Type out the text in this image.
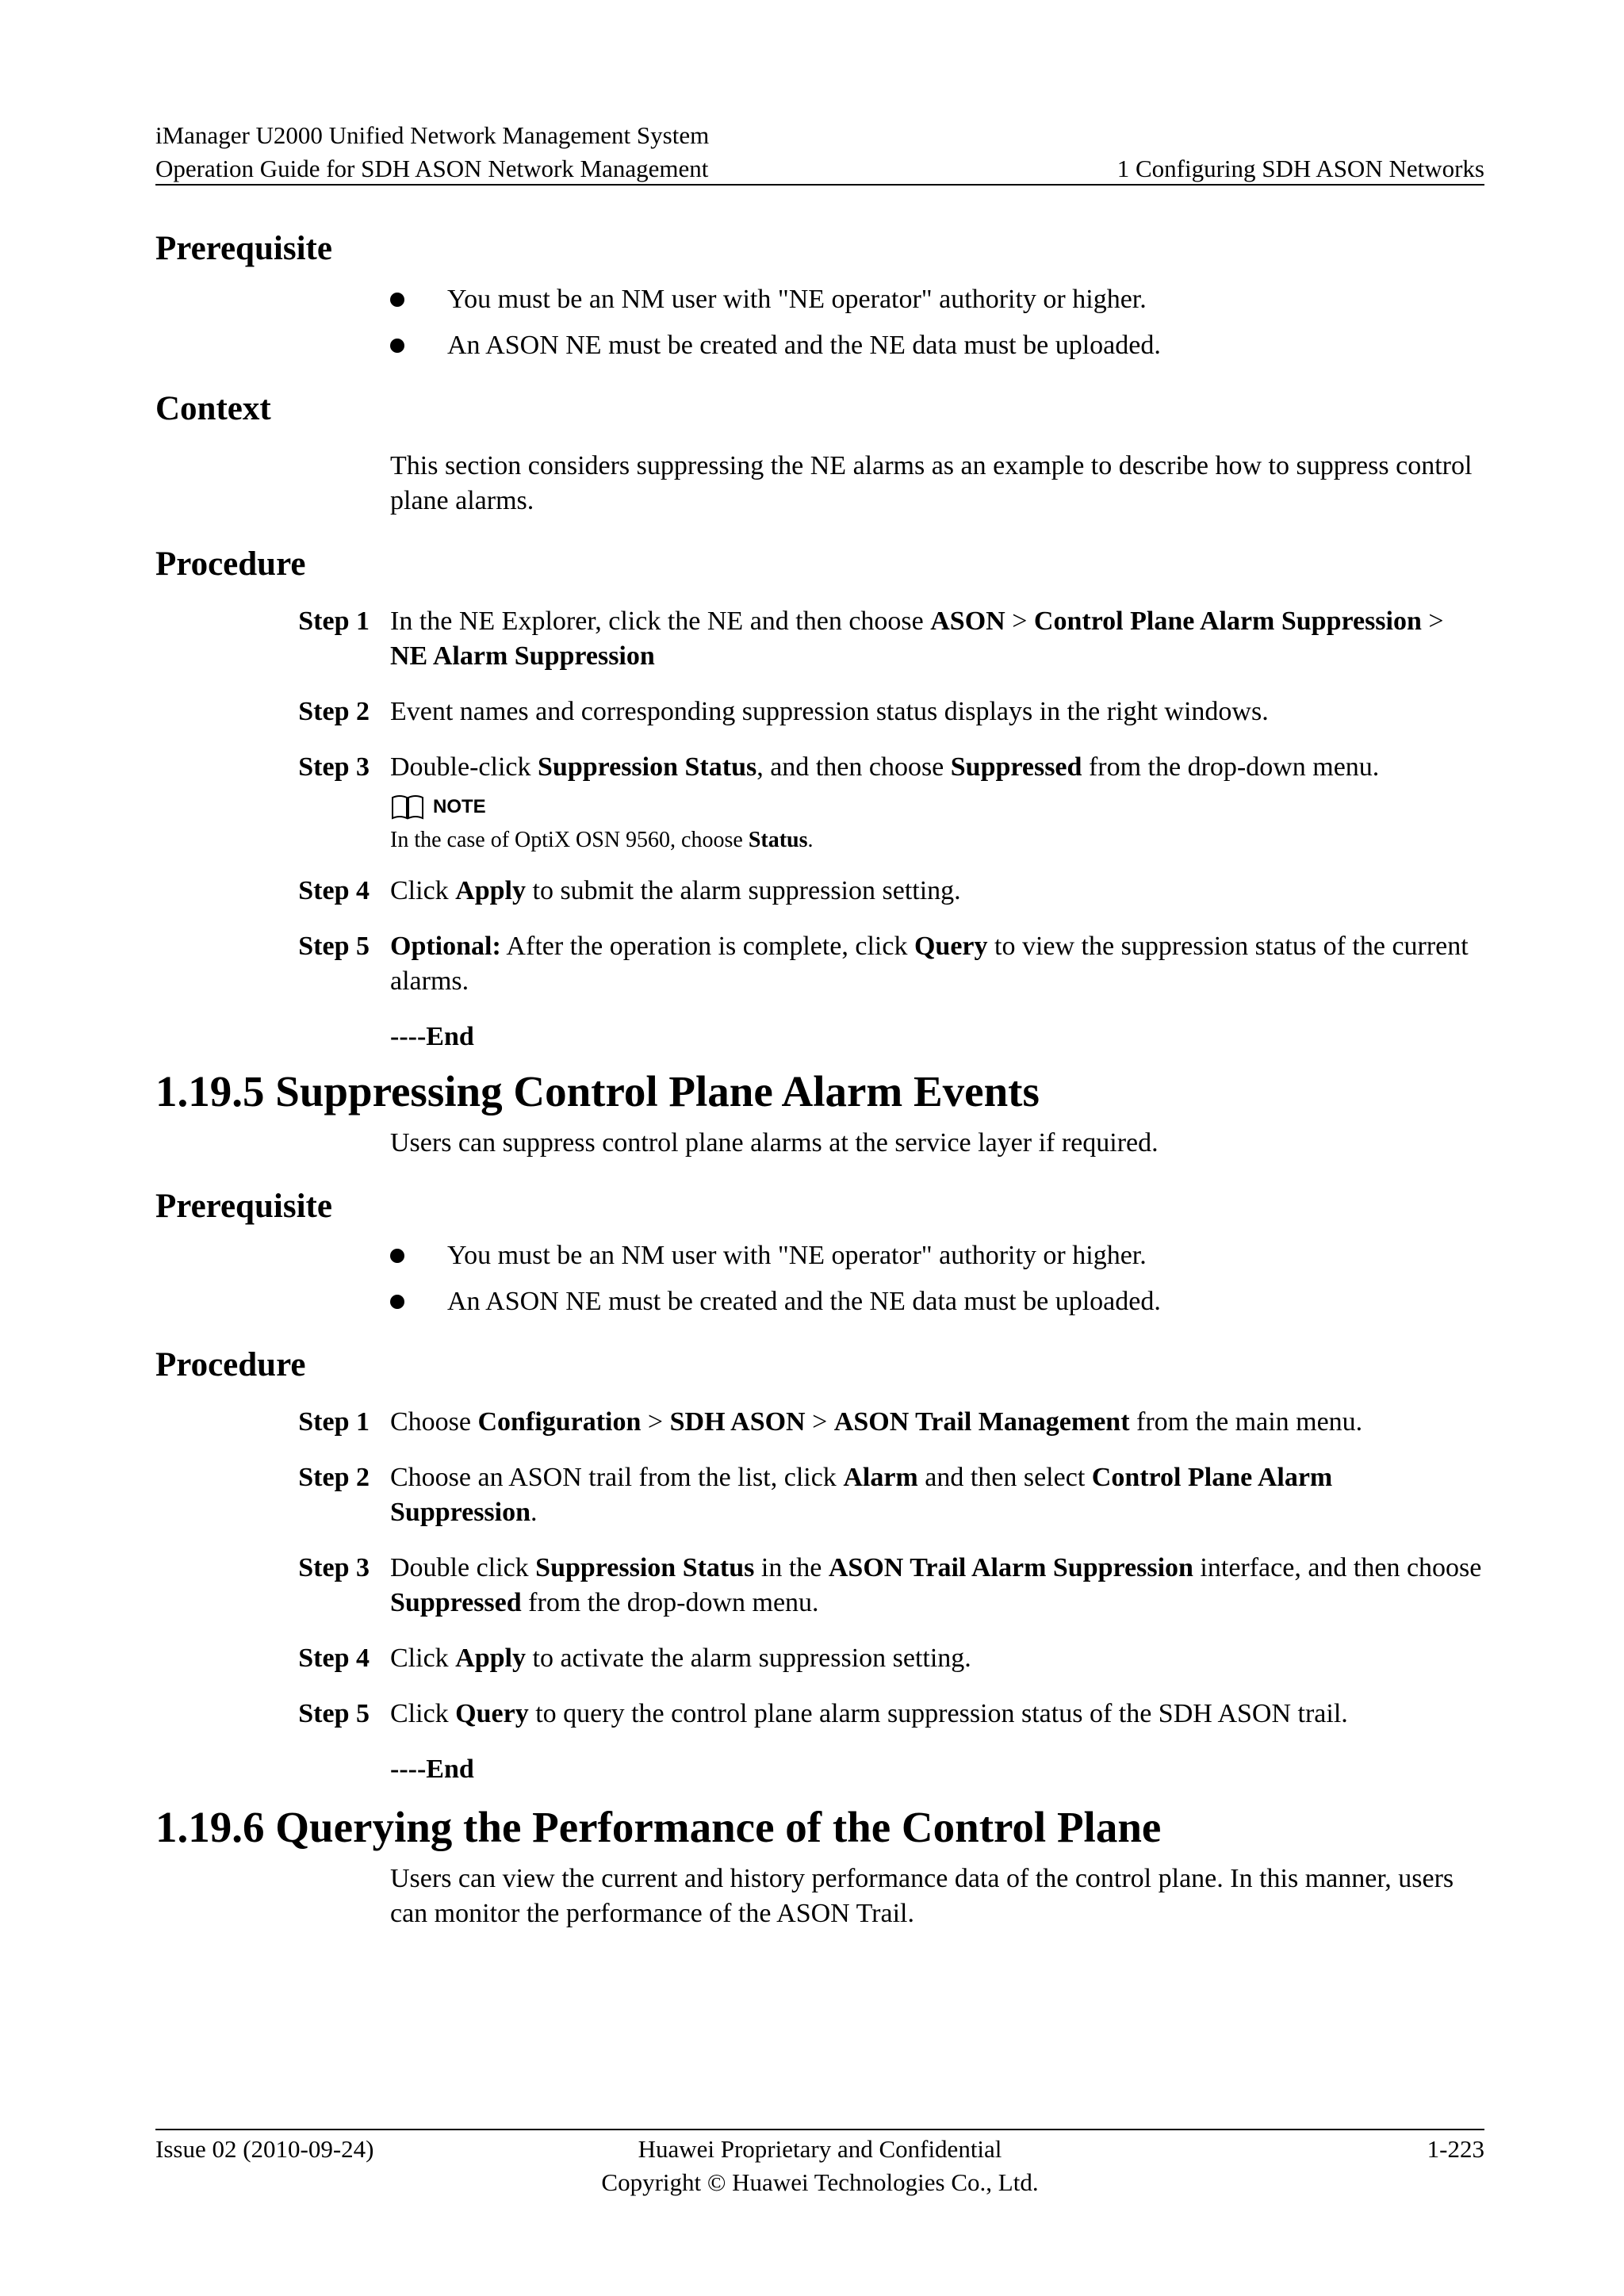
iManager U2000 Unified Network Management System
Operation Guide for SDH ASON Network Management	1 Configuring SDH ASON Networks
Prerequisite
You must be an NM user with "NE operator" authority or higher.
An ASON NE must be created and the NE data must be uploaded.
Context
This section considers suppressing the NE alarms as an example to describe how to suppress control plane alarms.
Procedure
Step 1 In the NE Explorer, click the NE and then choose ASON > Control Plane Alarm Suppression > NE Alarm Suppression
Step 2 Event names and corresponding suppression status displays in the right windows.
Step 3 Double-click Suppression Status, and then choose Suppressed from the drop-down menu.
NOTE
In the case of OptiX OSN 9560, choose Status.
Step 4 Click Apply to submit the alarm suppression setting.
Step 5 Optional: After the operation is complete, click Query to view the suppression status of the current alarms.
----End
1.19.5 Suppressing Control Plane Alarm Events
Users can suppress control plane alarms at the service layer if required.
Prerequisite
You must be an NM user with "NE operator" authority or higher.
An ASON NE must be created and the NE data must be uploaded.
Procedure
Step 1 Choose Configuration > SDH ASON > ASON Trail Management from the main menu.
Step 2 Choose an ASON trail from the list, click Alarm and then select Control Plane Alarm Suppression.
Step 3 Double click Suppression Status in the ASON Trail Alarm Suppression interface, and then choose Suppressed from the drop-down menu.
Step 4 Click Apply to activate the alarm suppression setting.
Step 5 Click Query to query the control plane alarm suppression status of the SDH ASON trail.
----End
1.19.6 Querying the Performance of the Control Plane
Users can view the current and history performance data of the control plane. In this manner, users can monitor the performance of the ASON Trail.
Issue 02 (2010-09-24)	Huawei Proprietary and Confidential
Copyright © Huawei Technologies Co., Ltd.
1-223
